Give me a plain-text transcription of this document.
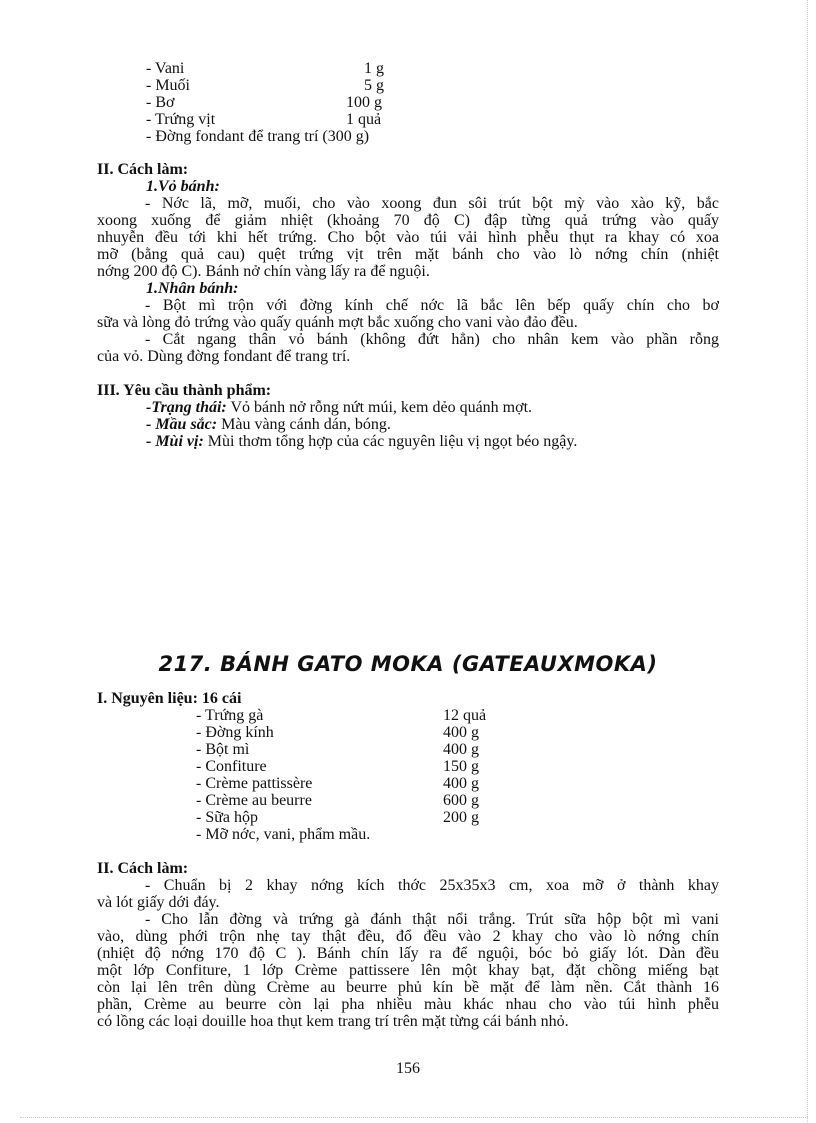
- Vani	1 g
- Muối	5 g
- Bơ	100 g
- Trứng vịt	1 quả
- Đờng fondant để trang trí (300 g)
II. Cách làm:
1.Vỏ bánh:
- Nớc lã, mỡ, muối, cho vào xoong đun sôi trút bột mỳ vào xào kỹ, bắc
xoong xuống để giảm nhiệt (khoảng 70 độ C) đập từng quả trứng vào quấy
nhuyễn đều tới khi hết trứng. Cho bột vào túi vải hình phễu thụt ra khay có xoa
mỡ (bằng quả cau) quệt trứng vịt trên mặt bánh cho vào lò nớng chín (nhiệt
nớng 200 độ C). Bánh nở chín vàng lấy ra để nguội.
1.Nhân bánh:
- Bột mì trộn với đờng kính chế nớc lã bắc lên bếp quấy chín cho bơ
sữa và lòng đỏ trứng vào quấy quánh mợt bắc xuống cho vani vào đảo đều.
- Cắt ngang thân vỏ bánh (không đứt hẳn) cho nhân kem vào phần rỗng
của vỏ. Dùng đờng fondant để trang trí.
III. Yêu cầu thành phẩm:
-Trạng thái: Vỏ bánh nở rỗng nứt múi, kem dẻo quánh mợt.
- Mầu sắc: Màu vàng cánh dán, bóng.
- Mùi vị: Mùi thơm tổng hợp của các nguyên liệu vị ngọt béo ngậy.
217. BÁNH GATO MOKA (GATEAUXMOKA)
I. Nguyên liệu: 16 cái
- Trứng gà	12 quả
- Đờng kính	400 g
- Bột mì	400 g
- Confiture	150 g
- Crème pattissère	400 g
- Crème au beurre	600 g
- Sữa hộp	200 g
- Mỡ nớc, vani, phẩm mầu.
II. Cách làm:
- Chuẩn bị 2 khay nớng kích thớc 25x35x3 cm, xoa mỡ ở thành khay
và lót giấy dới đáy.
- Cho lẫn đờng và trứng gà đánh thật nổi trắng. Trút sữa hộp bột mì vani
vào, dùng phới trộn nhẹ tay thật đều, đổ đều vào 2 khay cho vào lò nớng chín
(nhiệt độ nớng 170 độ C ). Bánh chín lấy ra để nguội, bóc bỏ giấy lót. Dàn đều
một lớp Confiture, 1 lớp Crème pattissere lên một khay bạt, đặt chồng miếng bạt
còn lại lên trên dùng Crème au beurre phủ kín bề mặt để làm nền. Cắt thành 16
phần, Crème au beurre còn lại pha nhiều màu khác nhau cho vào túi hình phễu
có lồng các loại douille hoa thụt kem trang trí trên mặt từng cái bánh nhỏ.
156
